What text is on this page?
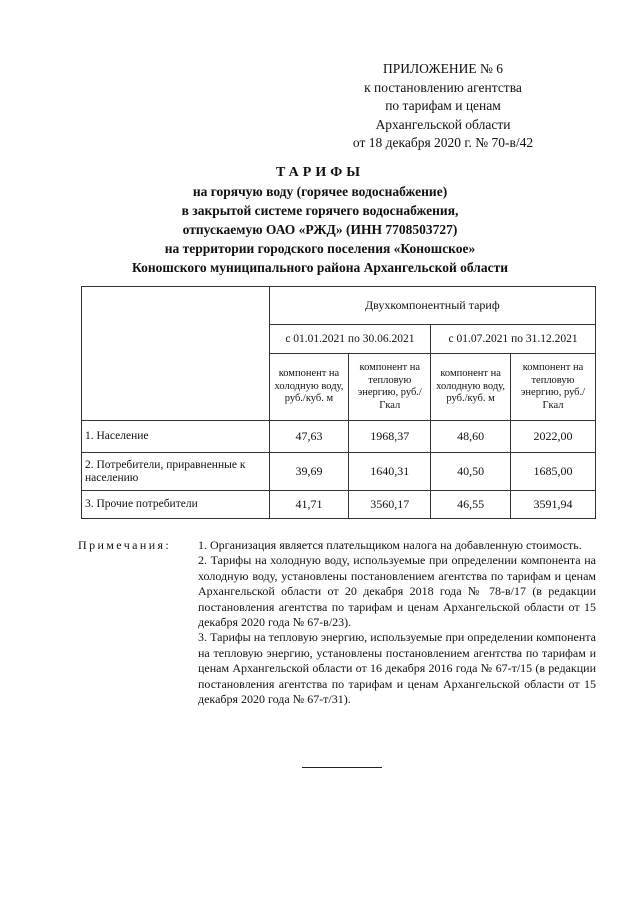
ПРИЛОЖЕНИЕ № 6
к постановлению агентства
по тарифам и ценам
Архангельской области
от 18 декабря 2020 г. № 70-в/42
ТАРИФЫ
на горячую воду (горячее водоснабжение)
в закрытой системе горячего водоснабжения,
отпускаемую ОАО «РЖД» (ИНН 7708503727)
на территории городского поселения «Коношское»
Коношского муниципального района Архангельской области
	Двухкомпонентный тариф			
	с 01.01.2021 по 30.06.2021		с 01.07.2021 по 31.12.2021	
	компонент на холодную воду, руб./куб. м	компонент на тепловую энергию, руб./Гкал	компонент на холодную воду, руб./куб. м	компонент на тепловую энергию, руб./Гкал
1. Население	47,63	1968,37	48,60	2022,00
2. Потребители, приравненные к населению	39,69	1640,31	40,50	1685,00
3. Прочие потребители	41,71	3560,17	46,55	3591,94
Примечания: 1. Организация является плательщиком налога на добавленную стоимость.

2. Тарифы на холодную воду, используемые при определении компонента на холодную воду, установлены постановлением агентства по тарифам и ценам Архангельской области от 20 декабря 2018 года № 78-в/17 (в редакции постановления агентства по тарифам и ценам Архангельской области от 15 декабря 2020 года № 67-в/23).

3. Тарифы на тепловую энергию, используемые при определении компонента на тепловую энергию, установлены постановлением агентства по тарифам и ценам Архангельской области от 16 декабря 2016 года № 67-т/15 (в редакции постановления агентства по тарифам и ценам Архангельской области от 15 декабря 2020 года № 67-т/31).
